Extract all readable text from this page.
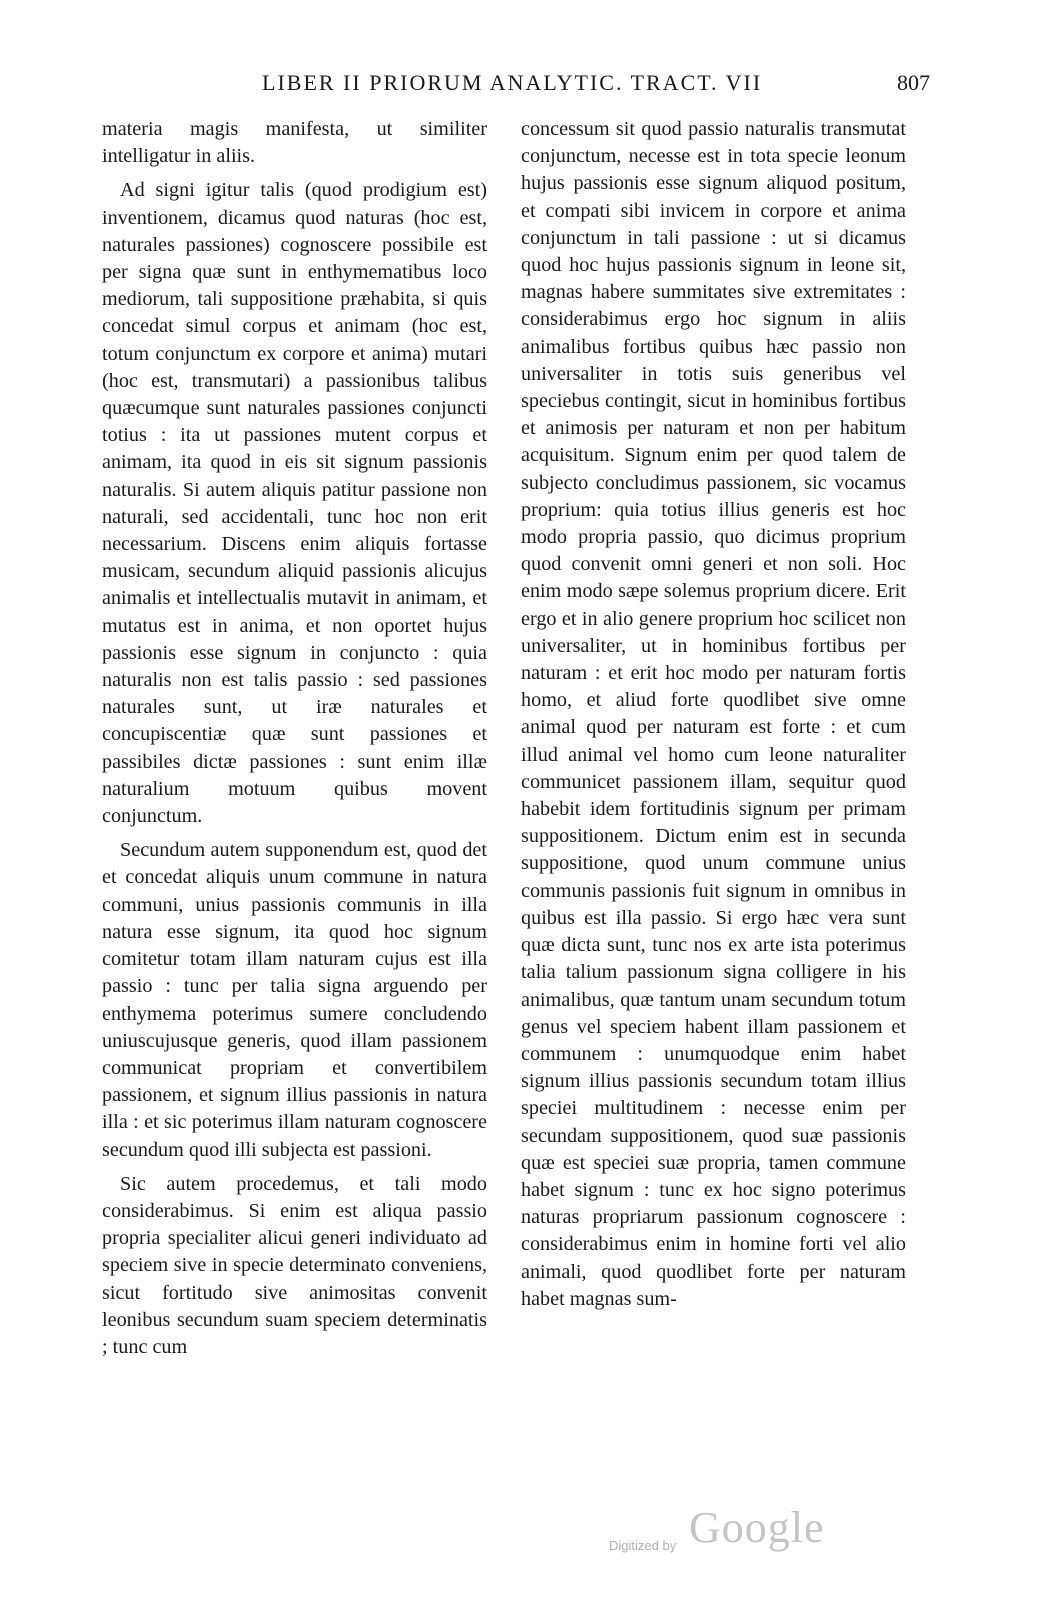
LIBER II PRIORUM ANALYTIC. TRACT. VII	807

materia magis manifesta, ut similiter intelligatur in aliis.

Ad signi igitur talis (quod prodigium est) inventionem, dicamus quod naturas (hoc est, naturales passiones) cognoscere possibile est per signa quæ sunt in enthymematibus loco mediorum, tali suppositione præhabita, si quis concedat simul corpus et animam (hoc est, totum conjunctum ex corpore et anima) mutari (hoc est, transmutari) a passionibus talibus quæcumque sunt naturales passiones conjuncti totius : ita ut passiones mutent corpus et animam, ita quod in eis sit signum passionis naturalis. Si autem aliquis patitur passione non naturali, sed accidentali, tunc hoc non erit necessarium. Discens enim aliquis fortasse musicam, secundum aliquid passionis alicujus animalis et intellectualis mutavit in animam, et mutatus est in anima, et non oportet hujus passionis esse signum in conjuncto : quia naturalis non est talis passio : sed passiones naturales sunt, ut iræ naturales et concupiscentiæ quæ sunt passiones et passibiles dictæ passiones : sunt enim illæ naturalium motuum quibus movent conjunctum.

Secundum autem supponendum est, quod det et concedat aliquis unum commune in natura communi, unius passionis communis in illa natura esse signum, ita quod hoc signum comitetur totam illam naturam cujus est illa passio : tunc per talia signa arguendo per enthymema poterimus sumere concludendo uniuscujusque generis, quod illam passionem communicat propriam et convertibilem passionem, et signum illius passionis in natura illa : et sic poterimus illam naturam cognoscere secundum quod illi subjecta est passioni.

Sic autem procedemus, et tali modo considerabimus. Si enim est aliqua passio propria specialiter alicui generi individuato ad speciem sive in specie determinato conveniens, sicut fortitudo sive animositas convenit leonibus secundum suam speciem determinatis ; tunc cum

concessum sit quod passio naturalis transmutat conjunctum, necesse est in tota specie leonum hujus passionis esse signum aliquod positum, et compati sibi invicem in corpore et anima conjunctum in tali passione : ut si dicamus quod hoc hujus passionis signum in leone sit, magnas habere summitates sive extremitates : considerabimus ergo hoc signum in aliis animalibus fortibus quibus hæc passio non universaliter in totis suis generibus vel speciebus contingit, sicut in hominibus fortibus et animosis per naturam et non per habitum acquisitum. Signum enim per quod talem de subjecto concludimus passionem, sic vocamus proprium: quia totius illius generis est hoc modo propria passio, quo dicimus proprium quod convenit omni generi et non soli. Hoc enim modo sæpe solemus proprium dicere. Erit ergo et in alio genere proprium hoc scilicet non universaliter, ut in hominibus fortibus per naturam : et erit hoc modo per naturam fortis homo, et aliud forte quodlibet sive omne animal quod per naturam est forte : et cum illud animal vel homo cum leone naturaliter communicet passionem illam, sequitur quod habebit idem fortitudinis signum per primam suppositionem. Dictum enim est in secunda suppositione, quod unum commune unius communis passionis fuit signum in omnibus in quibus est illa passio. Si ergo hæc vera sunt quæ dicta sunt, tunc nos ex arte ista poterimus talia talium passionum signa colligere in his animalibus, quæ tantum unam secundum totum genus vel speciem habent illam passionem et communem : unumquodque enim habet signum illius passionis secundum totam illius speciei multitudinem : necesse enim per secundam suppositionem, quod suæ passionis quæ est speciei suæ propria, tamen commune habet signum : tunc ex hoc signo poterimus naturas propriarum passionum cognoscere : considerabimus enim in homine forti vel alio animali, quod quodlibet forte per naturam habet magnas sum-

Digitized by Google
